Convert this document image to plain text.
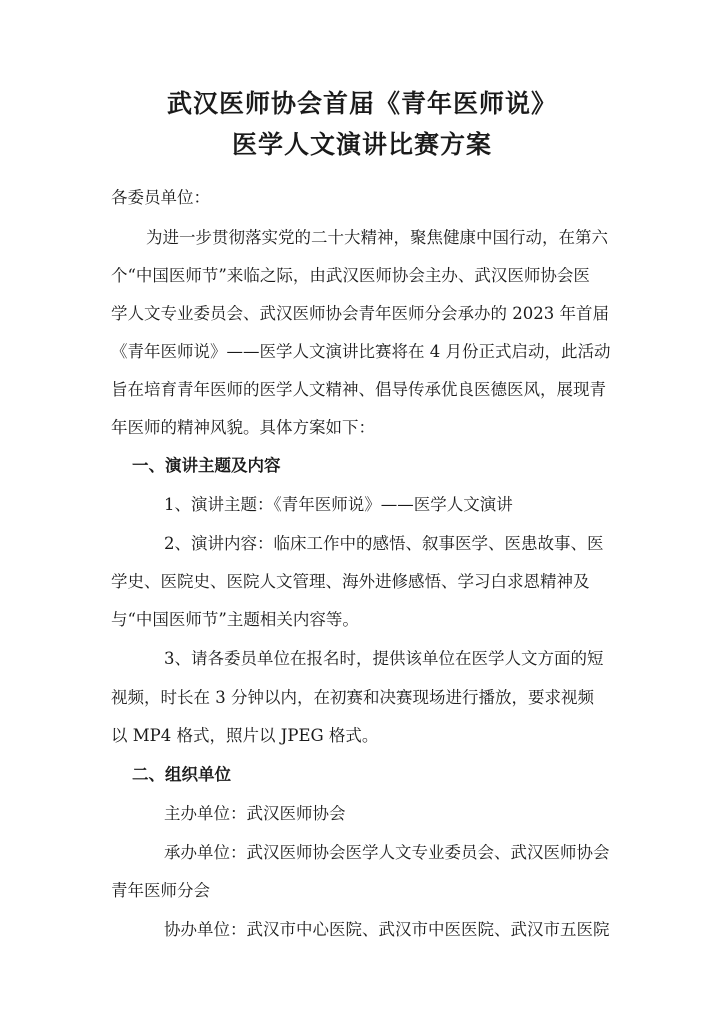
武汉医师协会首届《青年医师说》
医学人文演讲比赛方案
各委员单位：
为进一步贯彻落实党的二十大精神，聚焦健康中国行动，在第六
个“中国医师节”来临之际，由武汉医师协会主办、武汉医师协会医
学人文专业委员会、武汉医师协会青年医师分会承办的 2023 年首届
《青年医师说》——医学人文演讲比赛将在 4 月份正式启动，此活动
旨在培育青年医师的医学人文精神、倡导传承优良医德医风，展现青
年医师的精神风貌。具体方案如下：
一、演讲主题及内容
1、演讲主题：《青年医师说》——医学人文演讲
2、演讲内容：临床工作中的感悟、叙事医学、医患故事、医
学史、医院史、医院人文管理、海外进修感悟、学习白求恩精神及
与“中国医师节”主题相关内容等。
3、请各委员单位在报名时，提供该单位在医学人文方面的短
视频，时长在 3 分钟以内，在初赛和决赛现场进行播放，要求视频
以 MP4 格式，照片以 JPEG 格式。
二、组织单位
主办单位：武汉医师协会
承办单位：武汉医师协会医学人文专业委员会、武汉医师协会
青年医师分会
协办单位：武汉市中心医院、武汉市中医医院、武汉市五医院
